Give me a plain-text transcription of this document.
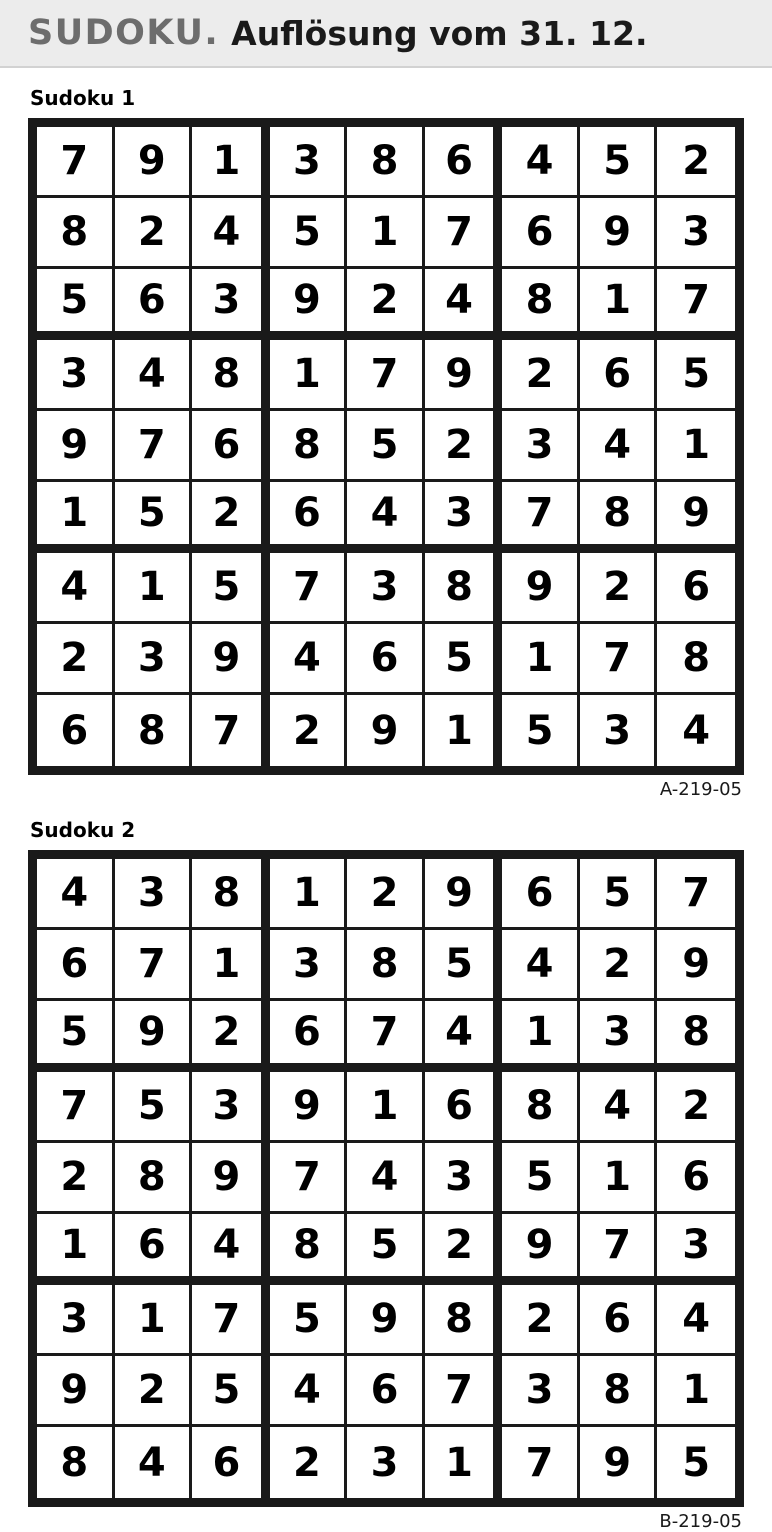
SUDOKU. Auflösung vom 31. 12.
Sudoku 1
7	9	1	3	8	6	4	5	2
8	2	4	5	1	7	6	9	3
5	6	3	9	2	4	8	1	7
3	4	8	1	7	9	2	6	5
9	7	6	8	5	2	3	4	1
1	5	2	6	4	3	7	8	9
4	1	5	7	3	8	9	2	6
2	3	9	4	6	5	1	7	8
6	8	7	2	9	1	5	3	4
A-219-05
Sudoku 2
4	3	8	1	2	9	6	5	7
6	7	1	3	8	5	4	2	9
5	9	2	6	7	4	1	3	8
7	5	3	9	1	6	8	4	2
2	8	9	7	4	3	5	1	6
1	6	4	8	5	2	9	7	3
3	1	7	5	9	8	2	6	4
9	2	5	4	6	7	3	8	1
8	4	6	2	3	1	7	9	5
B-219-05
